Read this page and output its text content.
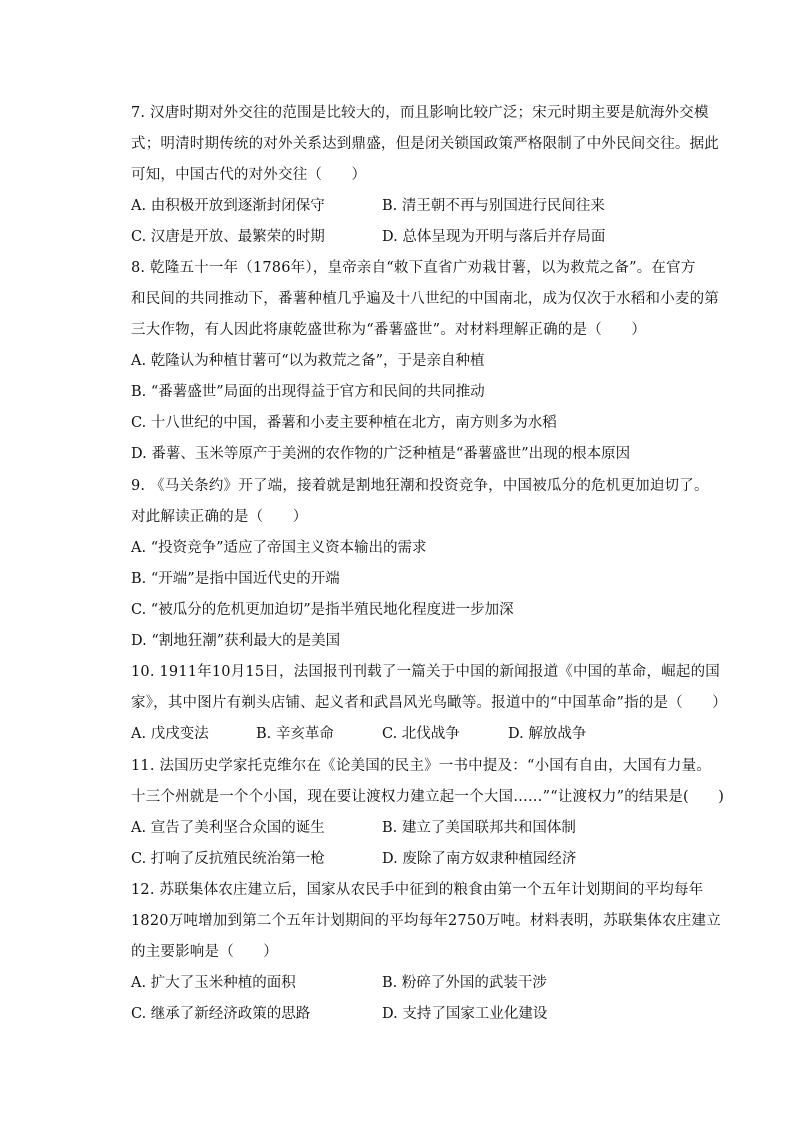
7. 汉唐时期对外交往的范围是比较大的，而且影响比较广泛；宋元时期主要是航海外交模
式；明清时期传统的对外关系达到鼎盛，但是闭关锁国政策严格限制了中外民间交往。据此
可知，中国古代的对外交往（　　）
A. 由积极开放到逐渐封闭保守	B. 清王朝不再与别国进行民间往来
C. 汉唐是开放、最繁荣的时期	D. 总体呈现为开明与落后并存局面
8. 乾隆五十一年（1786年），皇帝亲自“敕下直省广劝栽甘薯，以为救荒之备”。在官方
和民间的共同推动下，番薯种植几乎遍及十八世纪的中国南北，成为仅次于水稻和小麦的第
三大作物，有人因此将康乾盛世称为“番薯盛世”。对材料理解正确的是（　　）
A. 乾隆认为种植甘薯可“以为救荒之备”，于是亲自种植
B. “番薯盛世”局面的出现得益于官方和民间的共同推动
C. 十八世纪的中国，番薯和小麦主要种植在北方，南方则多为水稻
D. 番薯、玉米等原产于美洲的农作物的广泛种植是“番薯盛世”出现的根本原因
9. 《马关条约》开了端，接着就是割地狂潮和投资竞争，中国被瓜分的危机更加迫切了。
对此解读正确的是（　　）
A. “投资竞争”适应了帝国主义资本输出的需求
B. “开端”是指中国近代史的开端
C. “被瓜分的危机更加迫切”是指半殖民地化程度进一步加深
D. “割地狂潮”获利最大的是美国
10. 1911年10月15日，法国报刊刊载了一篇关于中国的新闻报道《中国的革命，崛起的国
家》，其中图片有剃头店铺、起义者和武昌风光鸟瞰等。报道中的“中国革命”指的是（　　）
A. 戊戌变法	B. 辛亥革命	C. 北伐战争	D. 解放战争
11. 法国历史学家托克维尔在《论美国的民主》一书中提及：“小国有自由，大国有力量。
十三个州就是一个个小国，现在要让渡权力建立起一个大国……”“让渡权力”的结果是(　　)
A. 宣告了美利坚合众国的诞生	B. 建立了美国联邦共和国体制
C. 打响了反抗殖民统治第一枪	D. 废除了南方奴隶种植园经济
12. 苏联集体农庄建立后，国家从农民手中征到的粮食由第一个五年计划期间的平均每年
1820万吨增加到第二个五年计划期间的平均每年2750万吨。材料表明，苏联集体农庄建立
的主要影响是（　　）
A. 扩大了玉米种植的面积	B. 粉碎了外国的武装干涉
C. 继承了新经济政策的思路	D. 支持了国家工业化建设
